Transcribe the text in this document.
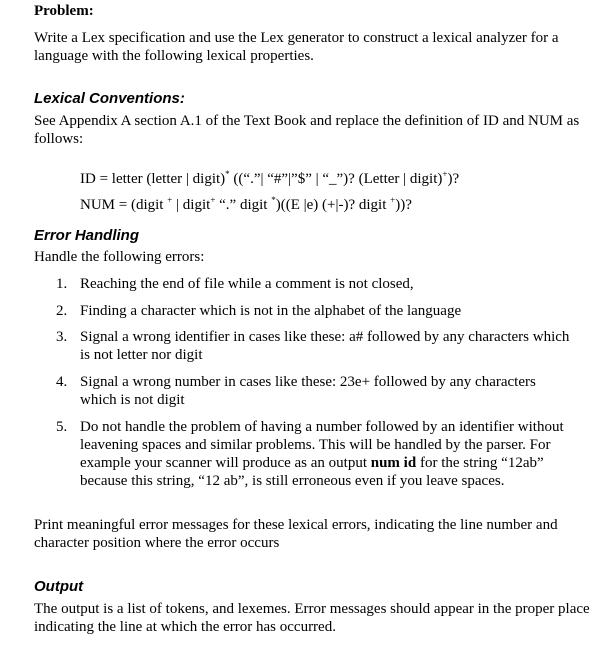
Problem:

Write a Lex specification and use the Lex generator to construct a lexical analyzer for a language with the following lexical properties.

Lexical Conventions:

See Appendix A section A.1 of the Text Book and replace the definition of ID and NUM as follows:

ID = letter (letter | digit)* ((“.”| “#”|”$” | “_”)? (Letter | digit)+)?

NUM = (digit + | digit+ “.” digit *)((E |e) (+|-)? digit +))?

Error Handling

Handle the following errors:

1. Reaching the end of file while a comment is not closed,
2. Finding a character which is not in the alphabet of the language
3. Signal a wrong identifier in cases like these: a# followed by any characters which is not letter nor digit
4. Signal a wrong number in cases like these: 23e+ followed by any characters which is not digit
5. Do not handle the problem of having a number followed by an identifier without leavening spaces and similar problems. This will be handled by the parser. For example your scanner will produce as an output num id for the string “12ab” because this string, “12 ab”, is still erroneous even if you leave spaces.

Print meaningful error messages for these lexical errors, indicating the line number and character position where the error occurs

Output

The output is a list of tokens, and lexemes. Error messages should appear in the proper place indicating the line at which the error has occurred.
